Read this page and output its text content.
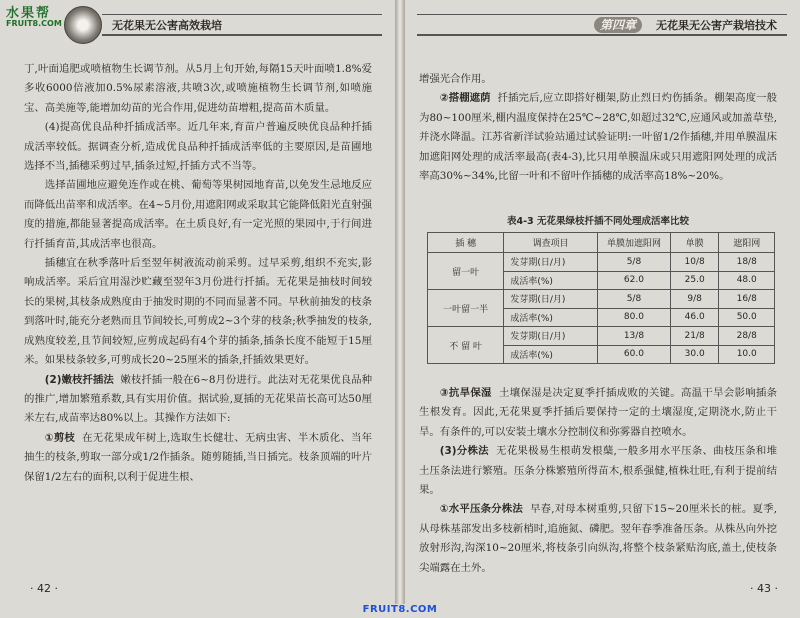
水果帮
FRUIT8.COM	无花果无公害高效栽培

丁,叶面追肥或喷植物生长调节剂。从5月上旬开始,每隔15天叶面喷1.8%爱多收6000倍液加0.5%尿素溶液,共喷3次,或喷施植物生长调节剂,如喷施宝、高美施等,能增加幼苗的光合作用,促进幼苗增粗,提高苗木质量。

(4)提高优良品种扦插成活率。近几年来,育苗户普遍反映优良品种扦插成活率较低。据调查分析,造成优良品种扦插成活率低的主要原因,是苗圃地选择不当,插穗采剪过早,插条过短,扦插方式不当等。

选择苗圃地应避免连作或在桃、葡萄等果树园地育苗,以免发生忌地反应而降低出苗率和成活率。在4~5月份,用遮阳网或采取其它能降低阳光直射强度的措施,都能显著提高成活率。在土质良好,有一定光照的果园中,于行间进行扦插育苗,其成活率也很高。

插穗宜在秋季落叶后至翌年树液流动前采剪。过早采剪,组织不充实,影响成活率。采后宜用湿沙贮藏至翌年3月份进行扦插。无花果是抽枝时间较长的果树,其枝条成熟度由于抽发时期的不同而显著不同。早秋前抽发的枝条到落叶时,能充分老熟而且节间较长,可剪成2~3个芽的枝条;秋季抽发的枝条,成熟度较差,且节间较短,应剪成起码有4个芽的插条,插条长度不能短于15厘米。如果枝条较多,可剪成长20~25厘米的插条,扦插效果更好。

(2)嫩枝扦插法 嫩枝扦插一般在6~8月份进行。此法对无花果优良品种的推广,增加繁殖系数,具有实用价值。据试验,夏插的无花果苗长高可达50厘米左右,成苗率达80%以上。其操作方法如下:

①剪枝 在无花果成年树上,选取生长健壮、无病虫害、半木质化、当年抽生的枝条,剪取一部分或1/2作插条。随剪随插,当日插完。枝条顶端的叶片保留1/2左右的面积,以利于促进生根、

· 42 ·
第四章 无花果无公害产栽培技术

增强光合作用。

②搭棚遮荫 扦插完后,应立即搭好棚架,防止烈日灼伤插条。棚架高度一般为80~100厘米,棚内温度保持在25℃~28℃,如超过32℃,应通风或加盖草垫,并浇水降温。江苏省新洋试验站通过试验证明:一叶留1/2作插穗,并用单膜温床加遮阳网处理的成活率最高(表4-3),比只用单膜温床或只用遮阳网处理的成活率高30%~34%,比留一叶和不留叶作插穗的成活率高18%~20%。

表4-3 无花果绿枝扦插不同处理成活率比较
插 穗	调查项目	单膜加遮阳网	单膜	遮阳网
留一叶	发芽期(日/月)	5/8	10/8	18/8
	成活率(%)	62.0	25.0	48.0
一叶留一半	发芽期(日/月)	5/8	9/8	16/8
	成活率(%)	80.0	46.0	50.0
不 留 叶	发芽期(日/月)	13/8	21/8	28/8
	成活率(%)	60.0	30.0	10.0

③抗旱保湿 土壤保湿是决定夏季扦插成败的关键。高温干旱会影响插条生根发育。因此,无花果夏季扦插后要保持一定的土壤湿度,定期浇水,防止干旱。有条件的,可以安装土壤水分控制仪和弥雾器自控喷水。

(3)分株法 无花果极易生根萌发根蘖,一般多用水平压条、曲枝压条和堆土压条法进行繁殖。压条分株繁殖所得苗木,根系强健,植株壮旺,有利于提前结果。

①水平压条分株法 早春,对母本树重剪,只留下15~20厘米长的桩。夏季,从母株基部发出多枝新梢时,追施氮、磷肥。翌年春季准备压条。从株丛向外挖放射形沟,沟深10~20厘米,将枝条引向纵沟,将整个枝条紧贴沟底,盖土,使枝条尖端露在土外。

· 43 ·
FRUIT8.COM
